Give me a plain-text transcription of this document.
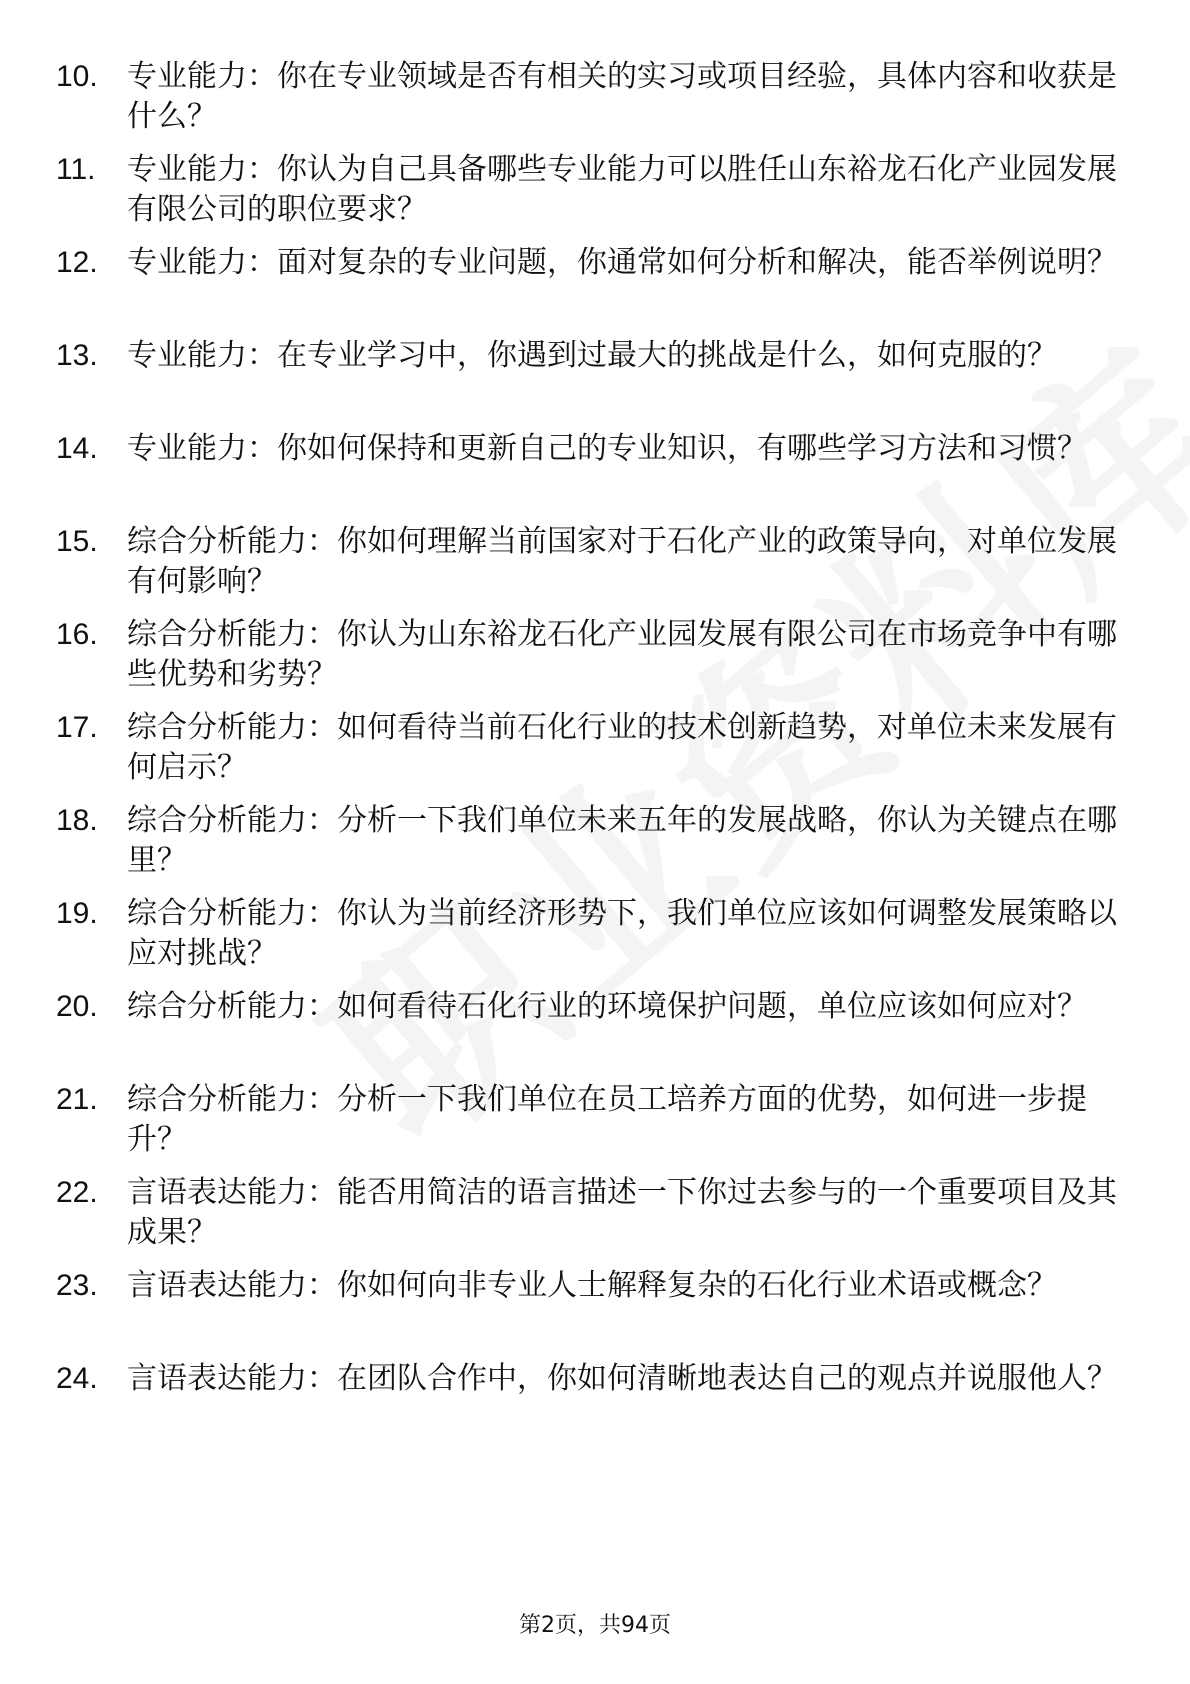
10. 专业能力：你在专业领域是否有相关的实习或项目经验，具体内容和收获是什么？
11. 专业能力：你认为自己具备哪些专业能力可以胜任山东裕龙石化产业园发展有限公司的职位要求？
12. 专业能力：面对复杂的专业问题，你通常如何分析和解决，能否举例说明？
13. 专业能力：在专业学习中，你遇到过最大的挑战是什么，如何克服的？
14. 专业能力：你如何保持和更新自己的专业知识，有哪些学习方法和习惯？
15. 综合分析能力：你如何理解当前国家对于石化产业的政策导向，对单位发展有何影响？
16. 综合分析能力：你认为山东裕龙石化产业园发展有限公司在市场竞争中有哪些优势和劣势？
17. 综合分析能力：如何看待当前石化行业的技术创新趋势，对单位未来发展有何启示？
18. 综合分析能力：分析一下我们单位未来五年的发展战略，你认为关键点在哪里？
19. 综合分析能力：你认为当前经济形势下，我们单位应该如何调整发展策略以应对挑战？
20. 综合分析能力：如何看待石化行业的环境保护问题，单位应该如何应对？
21. 综合分析能力：分析一下我们单位在员工培养方面的优势，如何进一步提升？
22. 言语表达能力：能否用简洁的语言描述一下你过去参与的一个重要项目及其成果？
23. 言语表达能力：你如何向非专业人士解释复杂的石化行业术语或概念？
24. 言语表达能力：在团队合作中，你如何清晰地表达自己的观点并说服他人？
第2页，共94页
